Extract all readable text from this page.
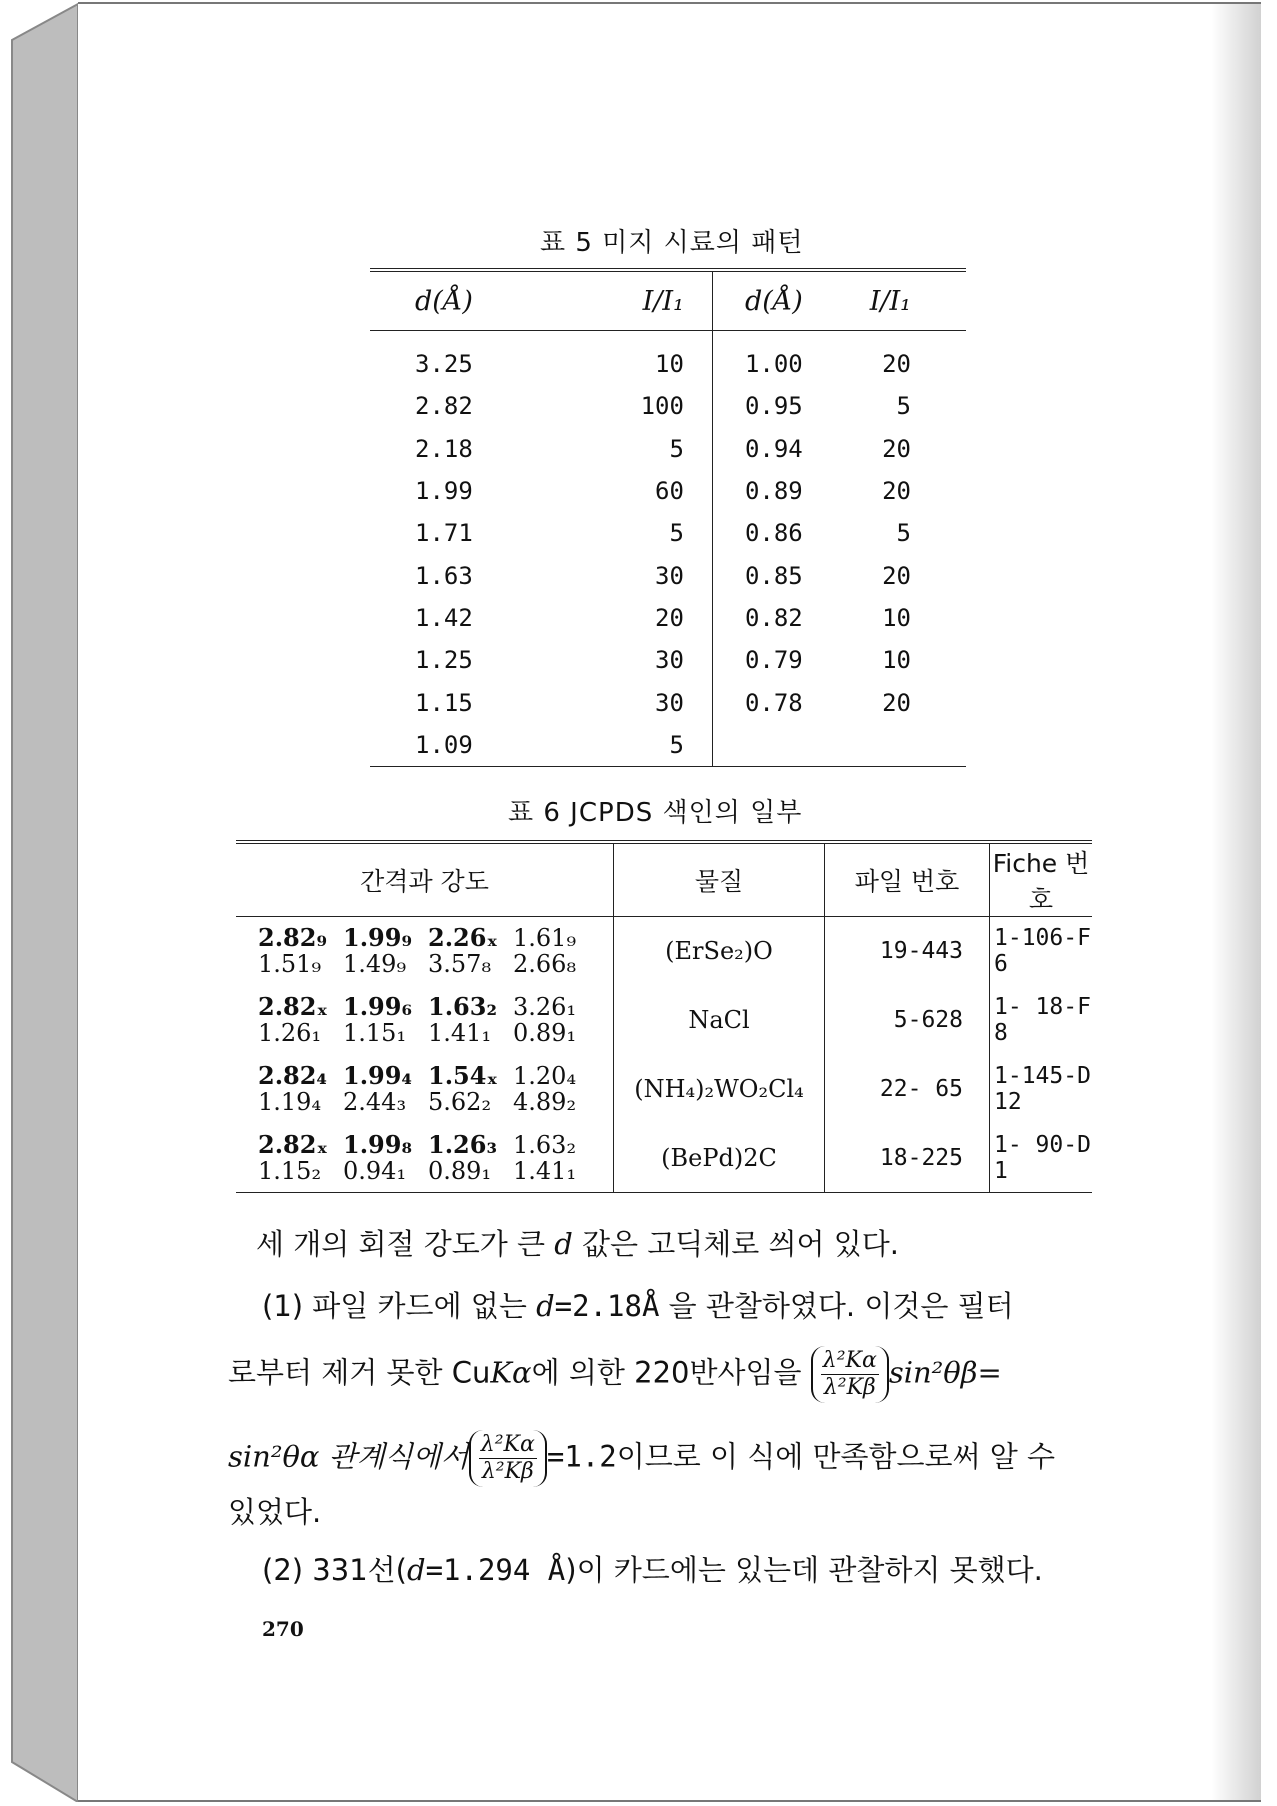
표 5 미지 시료의 패턴
d(Å)	I/I₁	d(Å)	I/I₁
3.25	10	1.00	20
2.82	100	0.95	5
2.18	5	0.94	20
1.99	60	0.89	20
1.71	5	0.86	5
1.63	30	0.85	20
1.42	20	0.82	10
1.25	30	0.79	10
1.15	30	0.78	20
1.09	5		
표 6 JCPDS 색인의 일부
간격과 강도	물질	파일 번호	Fiche 번호

2.82₉ 1.99₉ 2.26ₓ 1.61₉
1.51₉ 1.49₉ 3.57₈ 2.66₈	(ErSe₂)O	19-443	1-106-F 6

2.82ₓ 1.99₆ 1.63₂ 3.26₁
1.26₁ 1.15₁ 1.41₁ 0.89₁	NaCl	5-628	1- 18-F 8

2.82₄ 1.99₄ 1.54ₓ 1.20₄
1.19₄ 2.44₃ 5.62₂ 4.89₂	(NH₄)₂WO₂Cl₄	22- 65	1-145-D 12

2.82ₓ 1.99₈ 1.26₃ 1.63₂
1.15₂ 0.94₁ 0.89₁ 1.41₁	(BePd)2C	18-225	1- 90-D 1
세 개의 회절 강도가 큰 d 값은 고딕체로 씌어 있다.
(1) 파일 카드에 없는 d=2.18Å 을 관찰하였다. 이것은 필터
로부터 제거 못한 CuKα에 의한 220반사임을 $\frac{\text{λ²Kα}}{\text{λ²Kβ}} \sin^2\theta\beta=$
sin²θα 관계식에서 $\frac{\text{λ²Kα}}{\text{λ²Kβ}} =1.2$이므로 이 식에 만족함으로써 알 수
있었다.
(2) 331선(d=1.294 Å)이 카드에는 있는데 관찰하지 못했다.
270
